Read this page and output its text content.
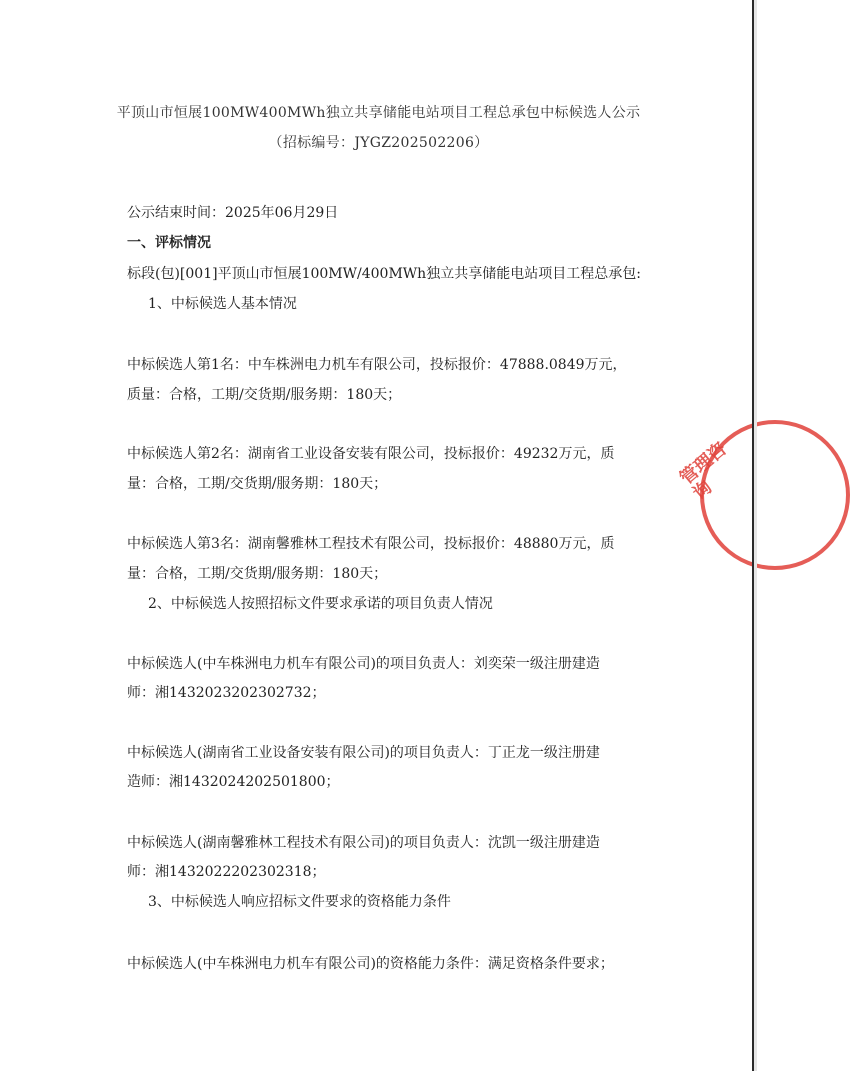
平顶山市恒展100MW400MWh独立共享储能电站项目工程总承包中标候选人公示
（招标编号：JYGZ202502206）
公示结束时间：2025年06月29日
一、评标情况
标段(包)[001]平顶山市恒展100MW/400MWh独立共享储能电站项目工程总承包:
1、中标候选人基本情况
中标候选人第1名：中车株洲电力机车有限公司，投标报价：47888.0849万元，
质量：合格，工期/交货期/服务期：180天；
中标候选人第2名：湖南省工业设备安装有限公司，投标报价：49232万元，质
量：合格，工期/交货期/服务期：180天；
中标候选人第3名：湖南馨雅林工程技术有限公司，投标报价：48880万元，质
量：合格，工期/交货期/服务期：180天；
2、中标候选人按照招标文件要求承诺的项目负责人情况
中标候选人(中车株洲电力机车有限公司)的项目负责人：刘奕荣一级注册建造
师：湘1432023202302732；
中标候选人(湖南省工业设备安装有限公司)的项目负责人：丁正龙一级注册建
造师：湘1432024202501800；
中标候选人(湖南馨雅林工程技术有限公司)的项目负责人：沈凯一级注册建造
师：湘1432022202302318；
3、中标候选人响应招标文件要求的资格能力条件
中标候选人(中车株洲电力机车有限公司)的资格能力条件：满足资格条件要求；
管理咨询
